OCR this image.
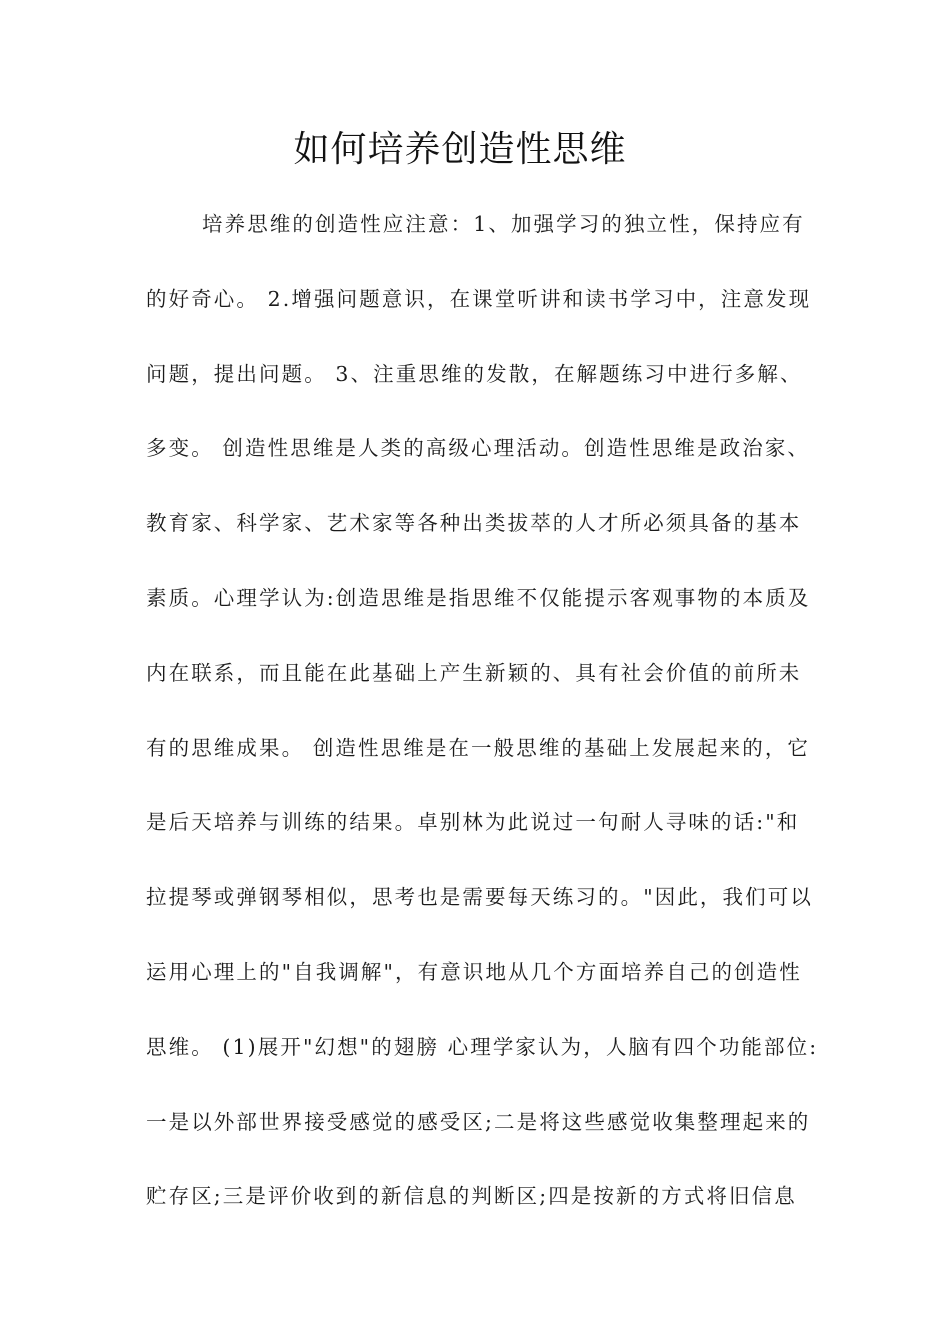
如何培养创造性思维
培养思维的创造性应注意：1、加强学习的独立性，保持应有
的好奇心。 2.增强问题意识，在课堂听讲和读书学习中，注意发现
问题，提出问题。 3、注重思维的发散，在解题练习中进行多解、
多变。 创造性思维是人类的高级心理活动。创造性思维是政治家、
教育家、科学家、艺术家等各种出类拔萃的人才所必须具备的基本
素质。心理学认为:创造思维是指思维不仅能提示客观事物的本质及
内在联系，而且能在此基础上产生新颖的、具有社会价值的前所未
有的思维成果。 创造性思维是在一般思维的基础上发展起来的，它
是后天培养与训练的结果。卓别林为此说过一句耐人寻味的话:"和
拉提琴或弹钢琴相似，思考也是需要每天练习的。"因此，我们可以
运用心理上的"自我调解"，有意识地从几个方面培养自己的创造性
思维。 (1)展开"幻想"的翅膀 心理学家认为，人脑有四个功能部位:
一是以外部世界接受感觉的感受区;二是将这些感觉收集整理起来的
贮存区;三是评价收到的新信息的判断区;四是按新的方式将旧信息
